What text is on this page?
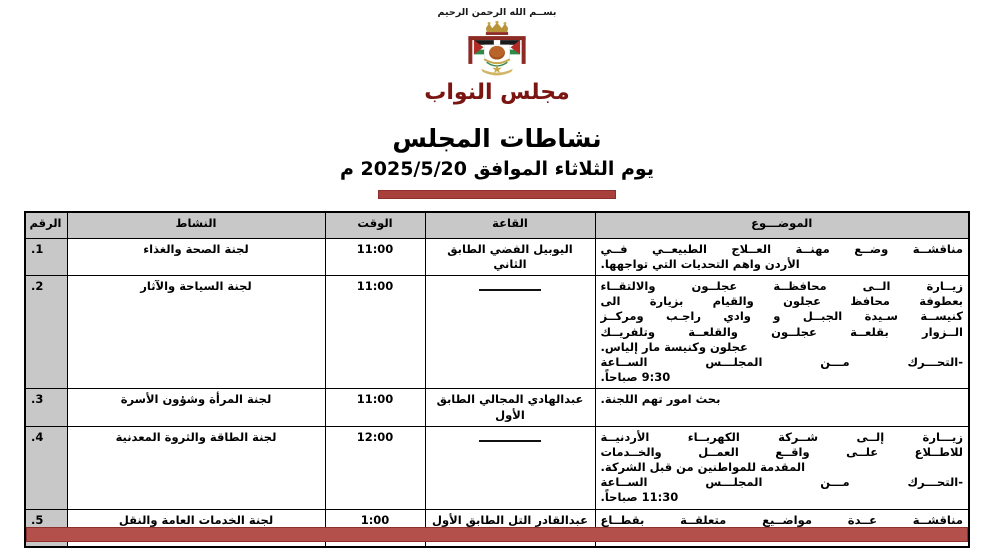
بســم الله الرحمن الرحيم
مجلس النواب
نشاطات المجلس
يوم الثلاثاء الموافق 2025/5/20 م
الموضـــوع	القاعة	الوقت	النشاط	الرقم

مناقشــة وضــع مهنــة العــلاج الطبيعــي فــي
الأردن واهم التحديات التي تواجهها.	اليوبيل الفضي الطابق الثاني	11:00	لجنة الصحة والغذاء	.1

زيــارة الــى محافظــة عجلــون والالتقــاء
بعطوفة محافظ عجلون والقيام بزيارة الى
كنيســة سـيدة الجبــل و وادي راجـب ومركــز
الــزوار بقلعــة عجلــون والقلعــة وتلفريــك
عجلون وكنيسة مار إلياس.
-التحـــرك مـــن المجلـــس الســاعة
9:30 صباحاً.
		11:00	لجنة السياحة والآثار	.2

بحث امور تهم اللجنة.	عبدالهادي المجالي الطابق الأول	11:00	لجنة المرأة وشؤون الأسرة	.3

زيـــارة إلــى شــركة الكهربــاء الأردنيــة
للاطــلاع علــى واقــع العمــل والخــدمات
المقدمة للمواطنين من قبل الشركة.
-التحـــرك مـــن المجلـــس الســاعة
11:30 صباحاً.		12:00	لجنة الطاقة والثروة المعدنية	.4

مناقشــة عــدة مواضــيع متعلقــة بقطــاع	عبدالقادر التل الطابق الأول	1:00	لجنة الخدمات العامة والنقل	.5
